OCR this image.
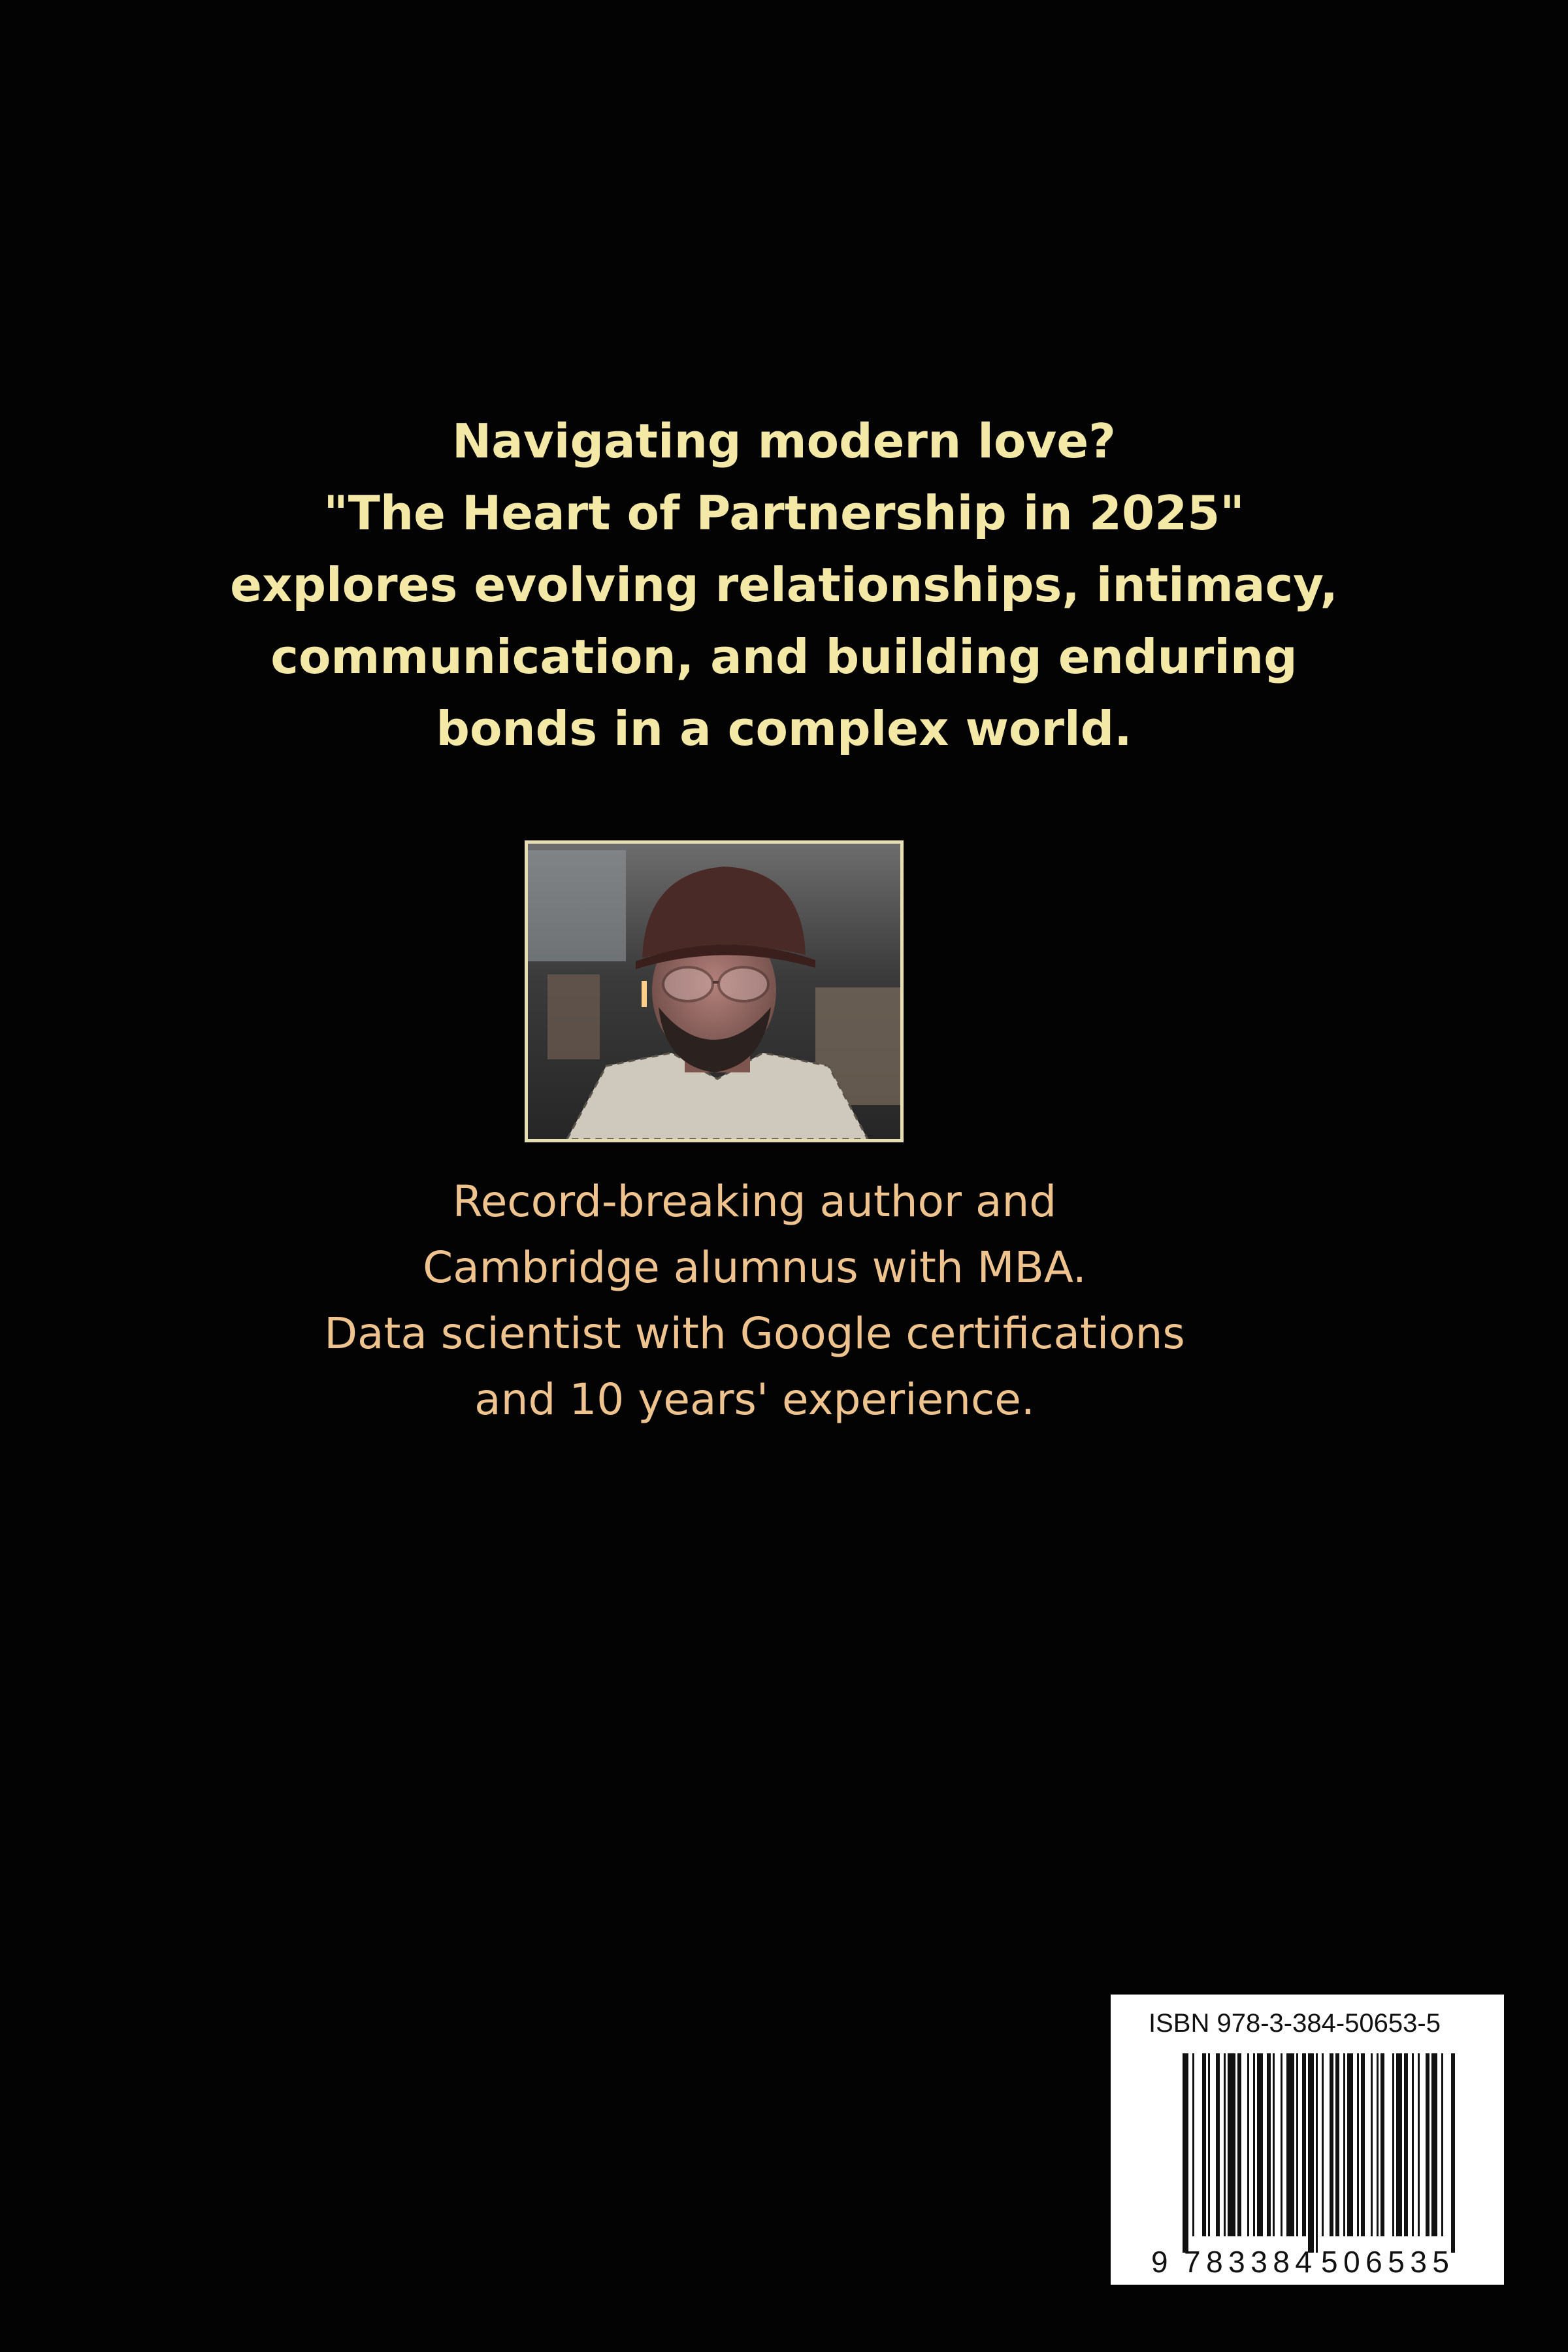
Navigating modern love?
"The Heart of Partnership in 2025"
explores evolving relationships, intimacy,
communication, and building enduring
bonds in a complex world.
Record-breaking author and
Cambridge alumnus with MBA.
Data scientist with Google certifications
and 10 years' experience.
ISBN 978-3-384-50653-5
9 783384 506535
